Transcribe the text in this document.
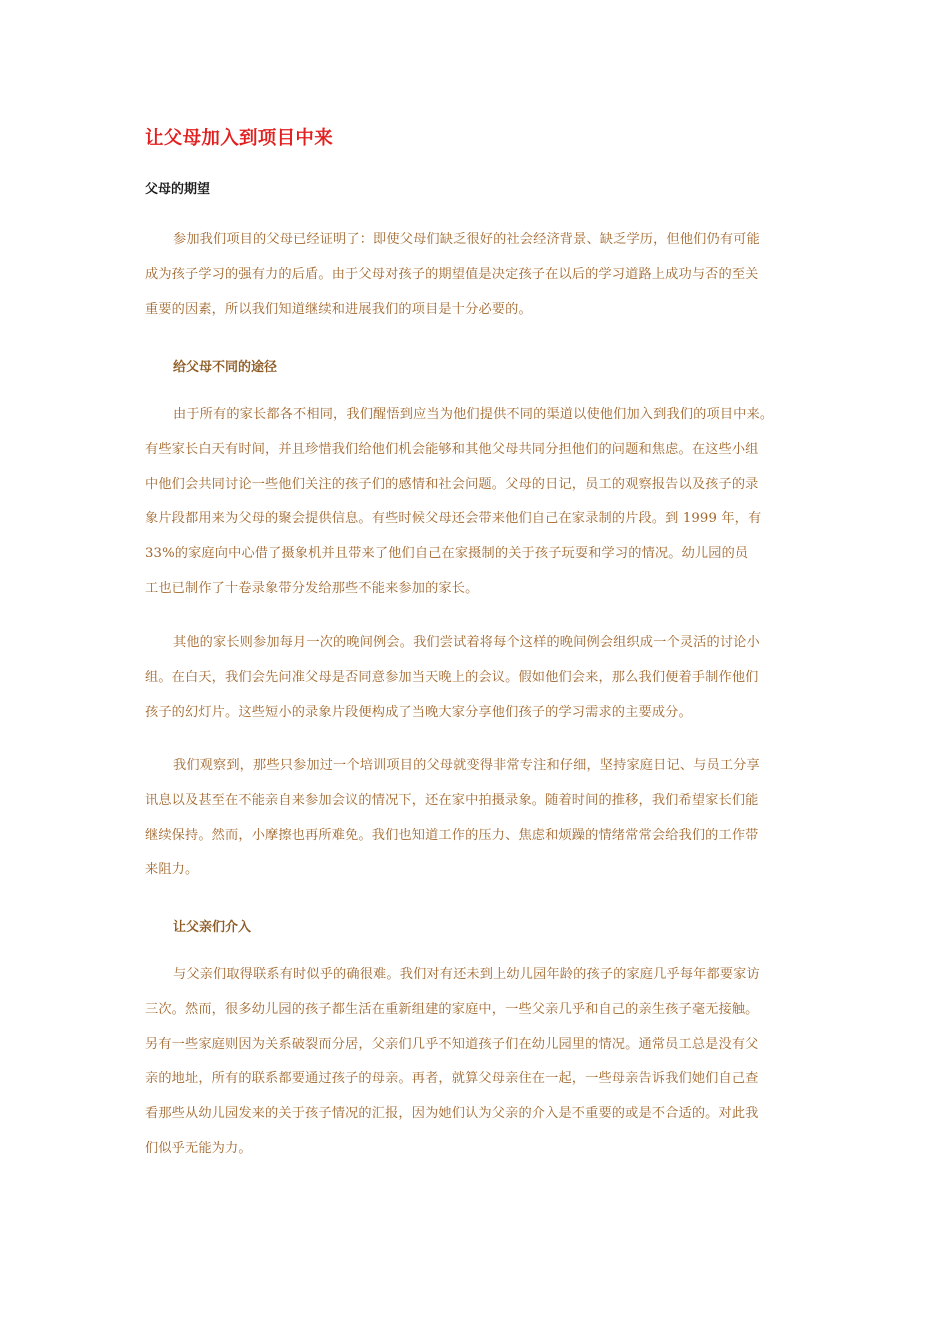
让父母加入到项目中来
父母的期望
参加我们项目的父母已经证明了：即使父母们缺乏很好的社会经济背景、缺乏学历，但他们仍有可能
成为孩子学习的强有力的后盾。由于父母对孩子的期望值是决定孩子在以后的学习道路上成功与否的至关
重要的因素，所以我们知道继续和进展我们的项目是十分必要的。
给父母不同的途径
由于所有的家长都各不相同，我们醒悟到应当为他们提供不同的渠道以使他们加入到我们的项目中来。
有些家长白天有时间，并且珍惜我们给他们机会能够和其他父母共同分担他们的问题和焦虑。在这些小组
中他们会共同讨论一些他们关注的孩子们的感情和社会问题。父母的日记，员工的观察报告以及孩子的录
象片段都用来为父母的聚会提供信息。有些时候父母还会带来他们自己在家录制的片段。到 1999 年，有
33%的家庭向中心借了摄象机并且带来了他们自己在家摄制的关于孩子玩耍和学习的情况。幼儿园的员
工也已制作了十卷录象带分发给那些不能来参加的家长。
其他的家长则参加每月一次的晚间例会。我们尝试着将每个这样的晚间例会组织成一个灵活的讨论小
组。在白天，我们会先问准父母是否同意参加当天晚上的会议。假如他们会来，那么我们便着手制作他们
孩子的幻灯片。这些短小的录象片段便构成了当晚大家分享他们孩子的学习需求的主要成分。
我们观察到，那些只参加过一个培训项目的父母就变得非常专注和仔细，坚持家庭日记、与员工分享
讯息以及甚至在不能亲自来参加会议的情况下，还在家中拍摄录象。随着时间的推移，我们希望家长们能
继续保持。然而，小摩擦也再所难免。我们也知道工作的压力、焦虑和烦躁的情绪常常会给我们的工作带
来阻力。
让父亲们介入
与父亲们取得联系有时似乎的确很难。我们对有还未到上幼儿园年龄的孩子的家庭几乎每年都要家访
三次。然而，很多幼儿园的孩子都生活在重新组建的家庭中，一些父亲几乎和自己的亲生孩子毫无接触。
另有一些家庭则因为关系破裂而分居，父亲们几乎不知道孩子们在幼儿园里的情况。通常员工总是没有父
亲的地址，所有的联系都要通过孩子的母亲。再者，就算父母亲住在一起，一些母亲告诉我们她们自己查
看那些从幼儿园发来的关于孩子情况的汇报，因为她们认为父亲的介入是不重要的或是不合适的。对此我
们似乎无能为力。
